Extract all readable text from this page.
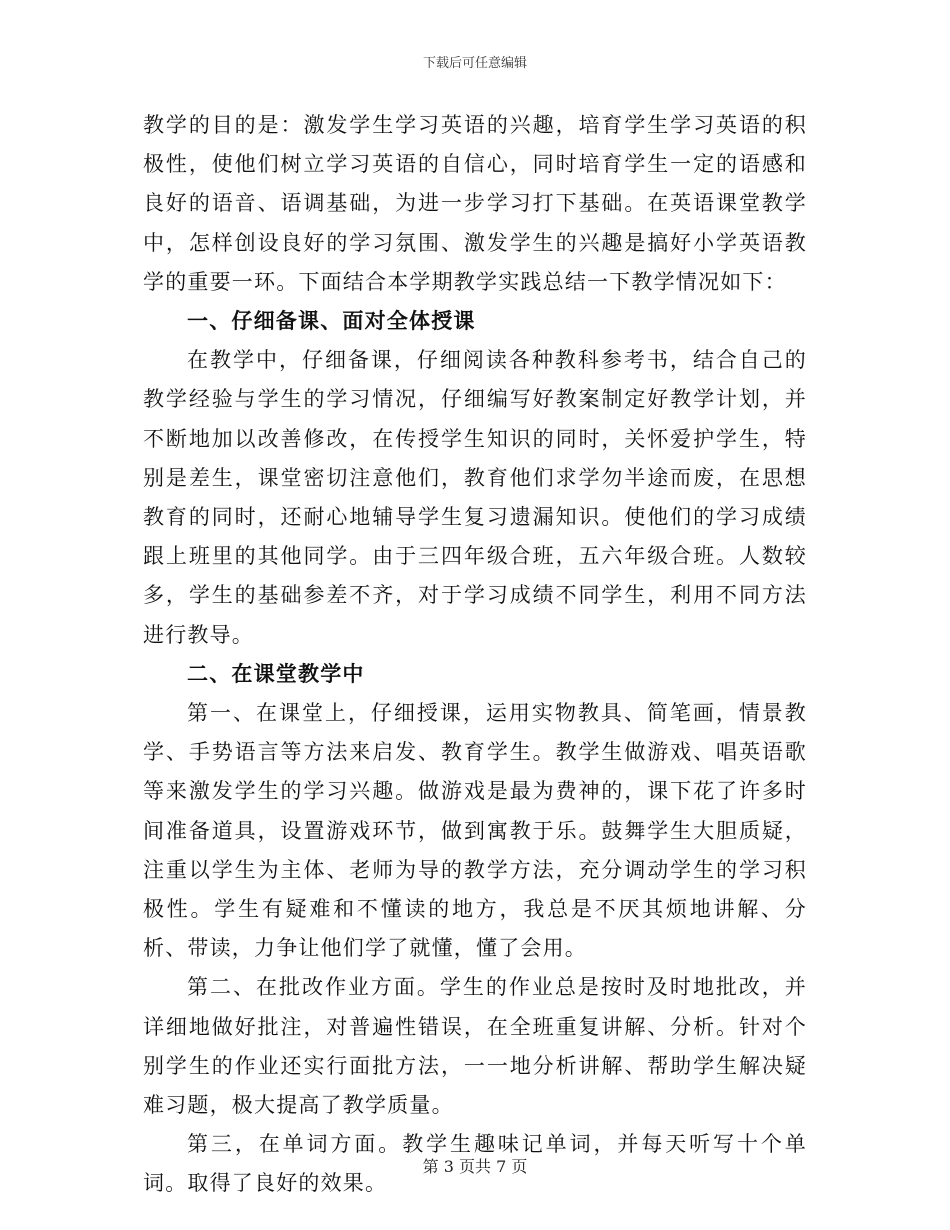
下载后可任意编辑

教学的目的是：激发学生学习英语的兴趣，培育学生学习英语的积极性，使他们树立学习英语的自信心，同时培育学生一定的语感和良好的语音、语调基础，为进一步学习打下基础。在英语课堂教学中，怎样创设良好的学习氛围、激发学生的兴趣是搞好小学英语教学的重要一环。下面结合本学期教学实践总结一下教学情况如下：

一、仔细备课、面对全体授课

在教学中，仔细备课，仔细阅读各种教科参考书，结合自己的教学经验与学生的学习情况，仔细编写好教案制定好教学计划，并不断地加以改善修改，在传授学生知识的同时，关怀爱护学生，特别是差生，课堂密切注意他们，教育他们求学勿半途而废，在思想教育的同时，还耐心地辅导学生复习遗漏知识。使他们的学习成绩跟上班里的其他同学。由于三四年级合班，五六年级合班。人数较多，学生的基础参差不齐，对于学习成绩不同学生，利用不同方法进行教导。

二、在课堂教学中

第一、在课堂上，仔细授课，运用实物教具、简笔画，情景教学、手势语言等方法来启发、教育学生。教学生做游戏、唱英语歌等来激发学生的学习兴趣。做游戏是最为费神的，课下花了许多时间准备道具，设置游戏环节，做到寓教于乐。鼓舞学生大胆质疑，注重以学生为主体、老师为导的教学方法，充分调动学生的学习积极性。学生有疑难和不懂读的地方，我总是不厌其烦地讲解、分析、带读，力争让他们学了就懂，懂了会用。

第二、在批改作业方面。学生的作业总是按时及时地批改，并详细地做好批注，对普遍性错误，在全班重复讲解、分析。针对个别学生的作业还实行面批方法，一一地分析讲解、帮助学生解决疑难习题，极大提高了教学质量。

第三，在单词方面。教学生趣味记单词，并每天听写十个单词。取得了良好的效果。

第 3 页共 7 页
